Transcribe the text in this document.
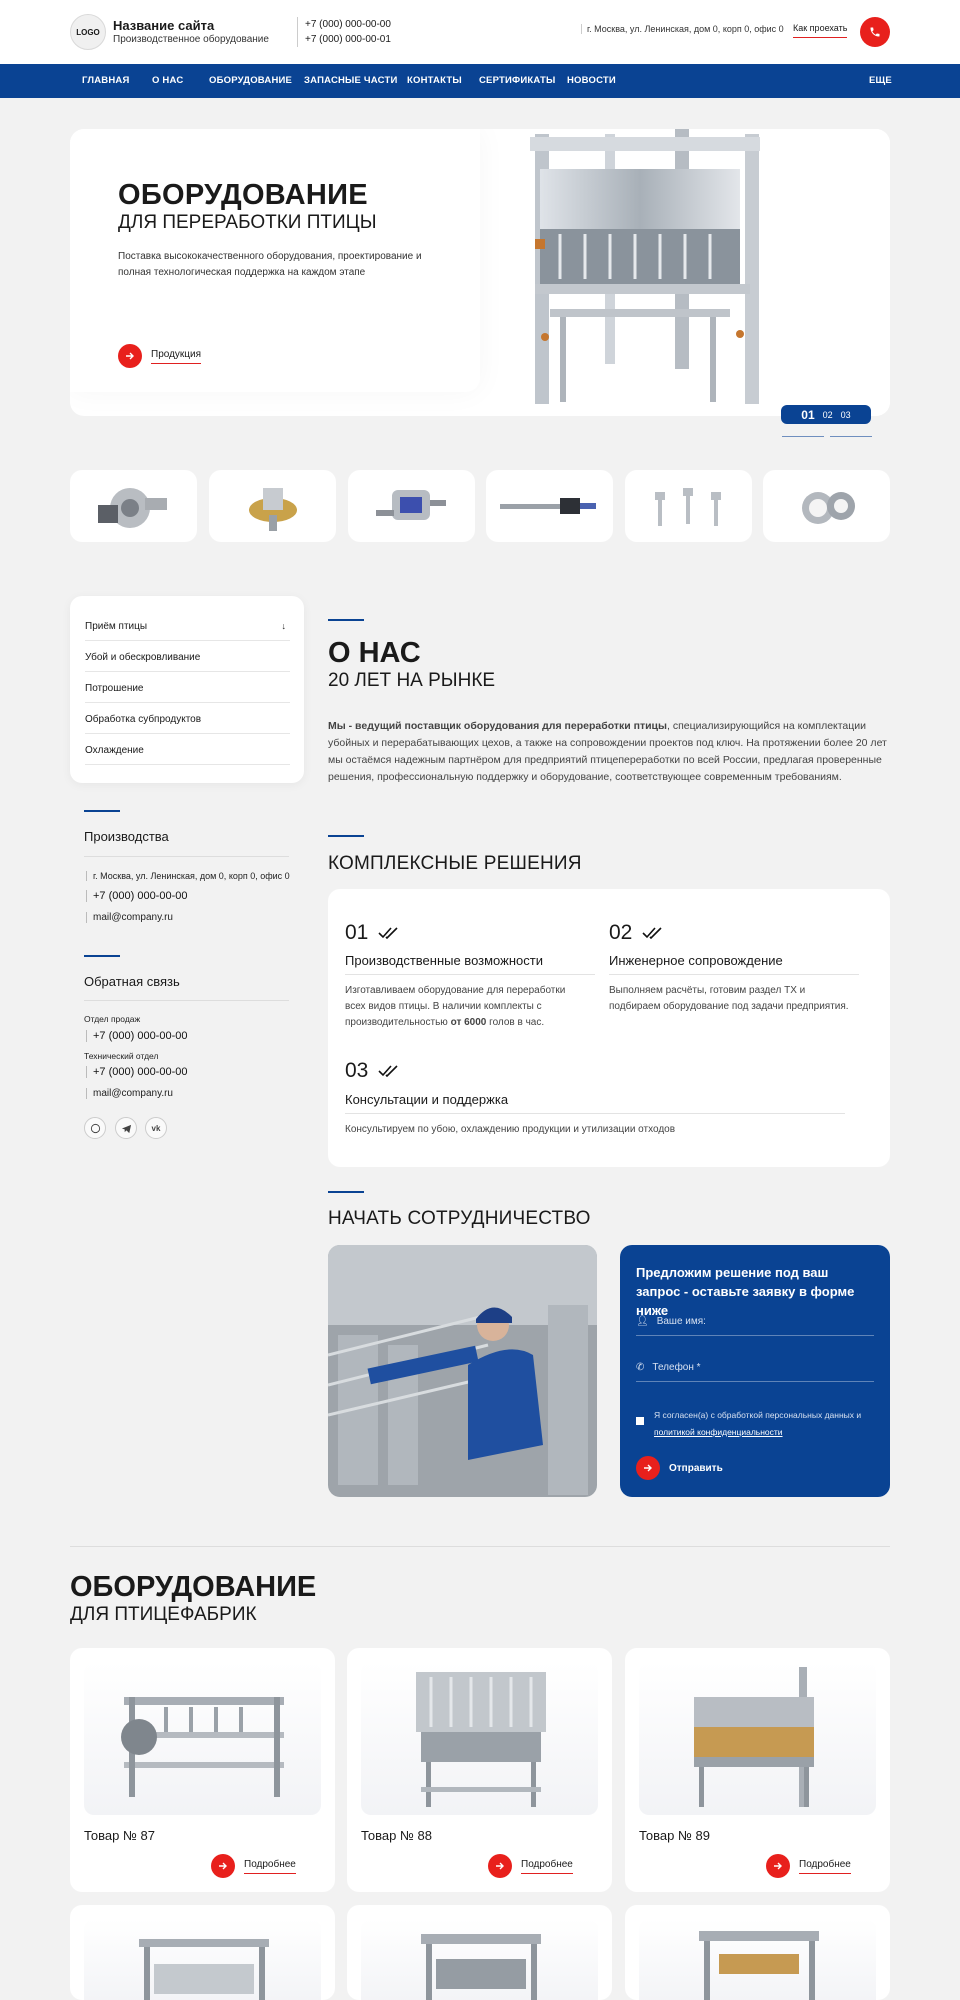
LOGO	Название сайта
Производственное оборудование
+7 (000) 000-00-00
+7 (000) 000-00-01
г. Москва, ул. Ленинская, дом 0, корп 0, офис 0 Как проехать
ГЛАВНАЯ О НАС	ОБОРУДОВАНИЕ ЗАПАСНЫЕ ЧАСТИ КОНТАКТЫ СЕРТИФИКАТЫ НОВОСТИ	ЕЩЕ
ОБОРУДОВАНИЕ
ДЛЯ ПЕРЕРАБОТКИ ПТИЦЫ

Поставка высококачественного оборудования, проектирование и полная технологическая поддержка на каждом этапе

Продукция
01 02 03
Приём птицы	↓
Убой и обескровливание
Потрошение
Обработка субпродуктов
Охлаждение
Производства
г. Москва, ул. Ленинская, дом 0, корп 0, офис 0
+7 (000) 000-00-00
mail@company.ru
Обратная связь
Отдел продаж
+7 (000) 000-00-00
Технический отдел
+7 (000) 000-00-00
mail@company.ru
vk
О НАС
20 ЛЕТ НА РЫНКЕ
Мы - ведущий поставщик оборудования для переработки птицы, специализирующийся на комплектации убойных и перерабатывающих цехов, а также на сопровождении проектов под ключ. На протяжении более 20 лет мы остаёмся надежным партнёром для предприятий птицепереработки по всей России, предлагая проверенные решения, профессиональную поддержку и оборудование, соответствующее современным требованиям.
КОМПЛЕКСНЫЕ РЕШЕНИЯ
01
Производственные возможности
Изготавливаем оборудование для переработки всех видов птицы. В наличии комплекты с производительностью от 6000 голов в час.
02
Инженерное сопровождение
Выполняем расчёты, готовим раздел ТХ и подбираем оборудование под задачи предприятия.
03
Консультации и поддержка
Консультируем по убою, охлаждению продукции и утилизации отходов
НАЧАТЬ СОТРУДНИЧЕСТВО
Предложим решение под ваш запрос - оставьте заявку в форме ниже
👤︎ Ваше имя:
✆ Телефон *
Я согласен(а) с обработкой персональных данных и
политикой конфиденциальности
Отправить
ОБОРУДОВАНИЕ
ДЛЯ ПТИЦЕФАБРИК
Товар № 87
Подробнее
Товар № 88
Подробнее
Товар № 89
Подробнее
